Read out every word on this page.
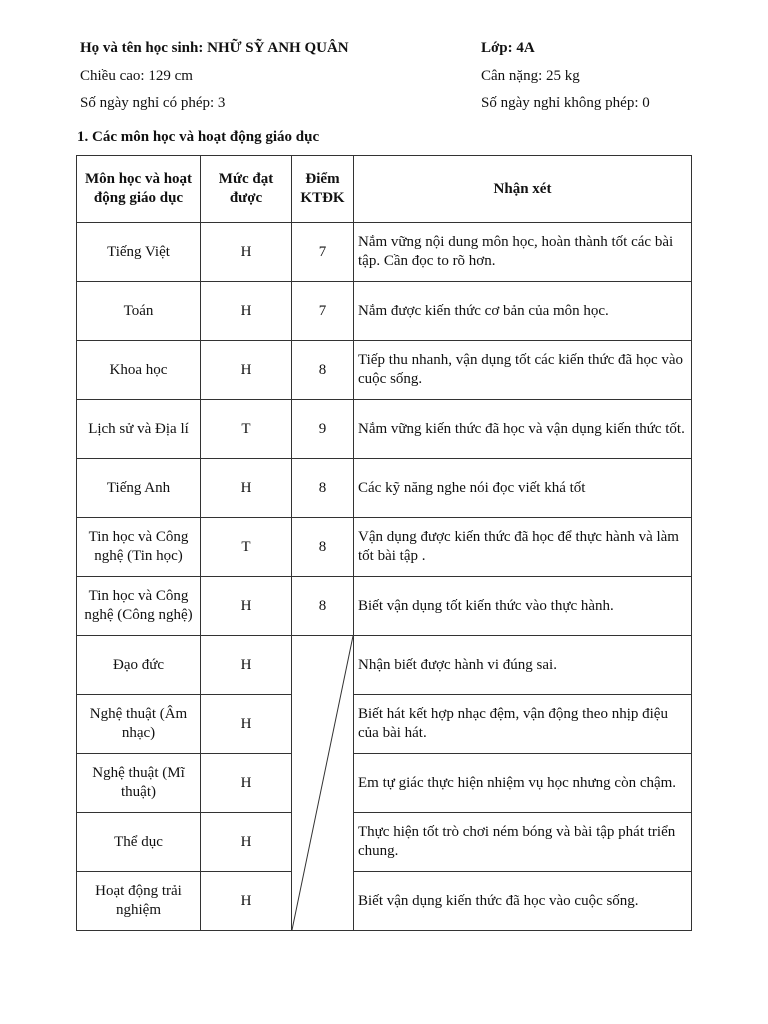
Họ và tên học sinh: NHỮ SỸ ANH QUÂN	Lớp: 4A
Chiều cao: 129 cm	Cân nặng: 25 kg
Số ngày nghỉ có phép: 3	Số ngày nghỉ không phép: 0
1. Các môn học và hoạt động giáo dục
Môn học và hoạt động giáo dục	Mức đạt được	Điểm KTĐK	Nhận xét
Tiếng Việt	H	7	Nắm vững nội dung môn học, hoàn thành tốt các bài tập. Cần đọc to rõ hơn.
Toán	H	7	Nắm được kiến thức cơ bản của môn học.
Khoa học	H	8	Tiếp thu nhanh, vận dụng tốt các kiến thức đã học vào cuộc sống.
Lịch sử và Địa lí	T	9	Nắm vững kiến thức đã học và vận dụng kiến thức tốt.
Tiếng Anh	H	8	Các kỹ năng nghe nói đọc viết khá tốt
Tin học và Công nghệ (Tin học)	T	8	Vận dụng được kiến thức đã học để thực hành và làm tốt bài tập .
Tin học và Công nghệ (Công nghệ)	H	8	Biết vận dụng tốt kiến thức vào thực hành.
Đạo đức	H		Nhận biết được hành vi đúng sai.
Nghệ thuật (Âm nhạc)	H		Biết hát kết hợp nhạc đệm, vận động theo nhịp điệu của bài hát.
Nghệ thuật (Mĩ thuật)	H		Em tự giác thực hiện nhiệm vụ học nhưng còn chậm.
Thể dục	H		Thực hiện tốt trò chơi ném bóng và bài tập phát triển chung.
Hoạt động trải nghiệm	H		Biết vận dụng kiến thức đã học vào cuộc sống.
